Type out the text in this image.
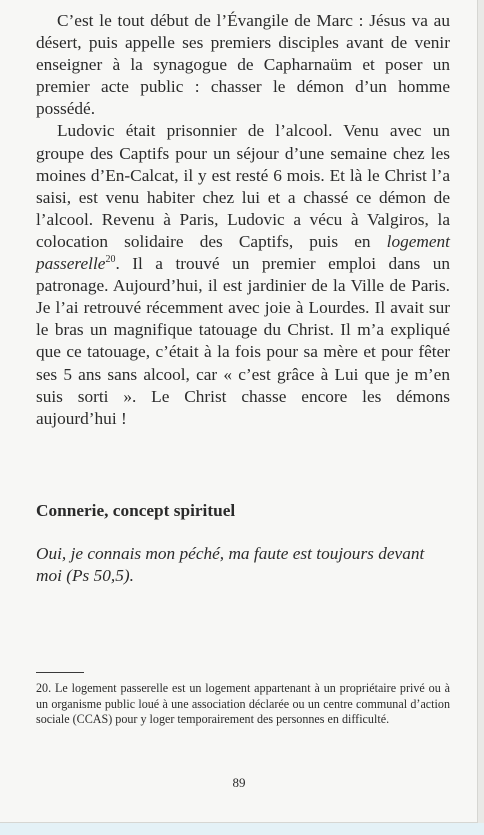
C’est le tout début de l’Évangile de Marc : Jésus va au désert, puis appelle ses premiers disciples avant de venir enseigner à la synagogue de Capharnaüm et poser un premier acte public : chasser le démon d’un homme possédé.

Ludovic était prisonnier de l’alcool. Venu avec un groupe des Captifs pour un séjour d’une semaine chez les moines d’En-Calcat, il y est resté 6 mois. Et là le Christ l’a saisi, est venu habiter chez lui et a chassé ce démon de l’alcool. Revenu à Paris, Ludovic a vécu à Valgiros, la colocation solidaire des Captifs, puis en logement passerelle$^{20}$. Il a trouvé un premier emploi dans un patronage. Aujourd’hui, il est jardinier de la Ville de Paris. Je l’ai retrouvé récemment avec joie à Lourdes. Il avait sur le bras un magnifique tatouage du Christ. Il m’a expliqué que ce tatouage, c’était à la fois pour sa mère et pour fêter ses 5 ans sans alcool, car « c’est grâce à Lui que je m’en suis sorti ». Le Christ chasse encore les démons aujourd’hui !

Connerie, concept spirituel

Oui, je connais mon péché, ma faute est toujours devant moi (Ps 50,5).

20. Le logement passerelle est un logement appartenant à un propriétaire privé ou à un organisme public loué à une association déclarée ou un centre communal d’action sociale (CCAS) pour y loger temporairement des personnes en difficulté.

89
